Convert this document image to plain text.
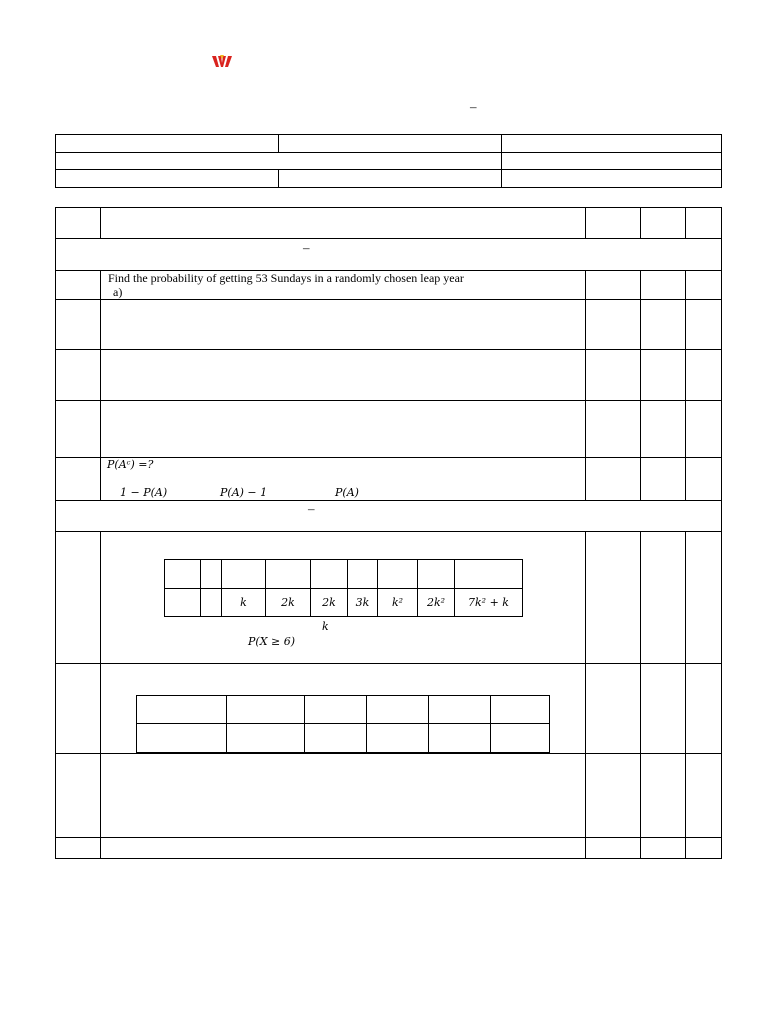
–

–

Find the probability of getting 53 Sundays in a randomly chosen leap year
a)

P(Aᶜ) =?
1 − P(A)	P(A) − 1	P(A)

–

		k	2k	2k	3k	k²	2k²	7k² + k
k
P(X ≥ 6)
